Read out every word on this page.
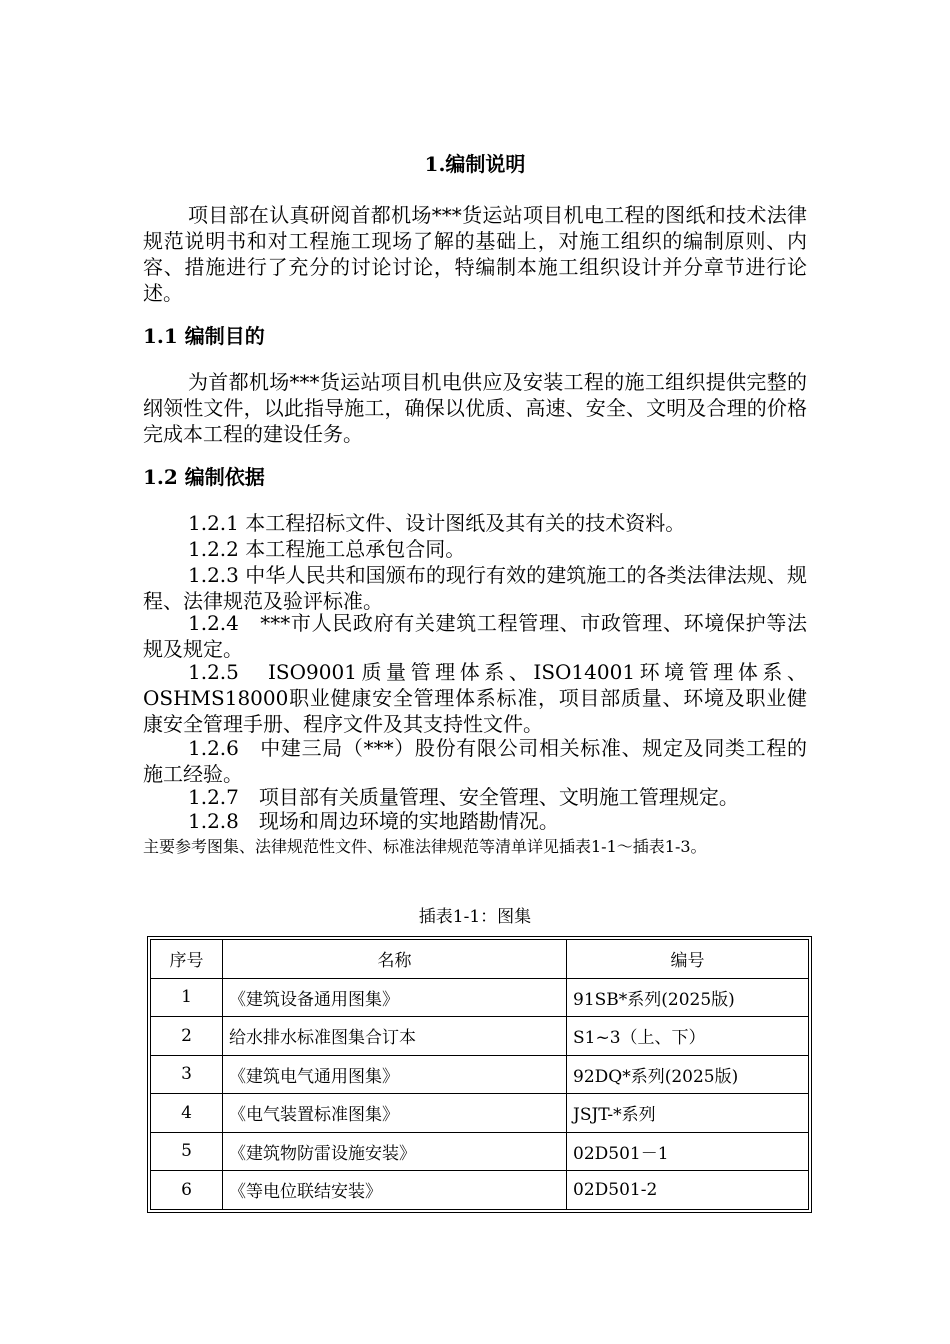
1.编制说明

项目部在认真研阅首都机场***货运站项目机电工程的图纸和技术法律规范说明书和对工程施工现场了解的基础上，对施工组织的编制原则、内容、措施进行了充分的讨论讨论，特编制本施工组织设计并分章节进行论述。

1.1 编制目的

为首都机场***货运站项目机电供应及安装工程的施工组织提供完整的纲领性文件，以此指导施工，确保以优质、高速、安全、文明及合理的价格完成本工程的建设任务。

1.2 编制依据

1.2.1 本工程招标文件、设计图纸及其有关的技术资料。

1.2.2 本工程施工总承包合同。

1.2.3 中华人民共和国颁布的现行有效的建筑施工的各类法律法规、规程、法律规范及验评标准。

1.2.4　***市人民政府有关建筑工程管理、市政管理、环境保护等法规及规定。

1.2.5　ISO9001质量管理体系、ISO14001环境管理体系、OSHMS18000职业健康安全管理体系标准，项目部质量、环境及职业健康安全管理手册、程序文件及其支持性文件。

1.2.6　中建三局（***）股份有限公司相关标准、规定及同类工程的施工经验。

1.2.7　项目部有关质量管理、安全管理、文明施工管理规定。

1.2.8　现场和周边环境的实地踏勘情况。

主要参考图集、法律规范性文件、标准法律规范等清单详见插表1-1～插表1-3。

插表1-1：图集
序号	名称	编号
1	《建筑设备通用图集》	91SB*系列(2025版)
2	给水排水标准图集合订本	S1~3（上、下）
3	《建筑电气通用图集》	92DQ*系列(2025版)
4	《电气装置标准图集》	JSJT-*系列
5	《建筑物防雷设施安装》	02D501－1
6	《等电位联结安装》	02D501-2
